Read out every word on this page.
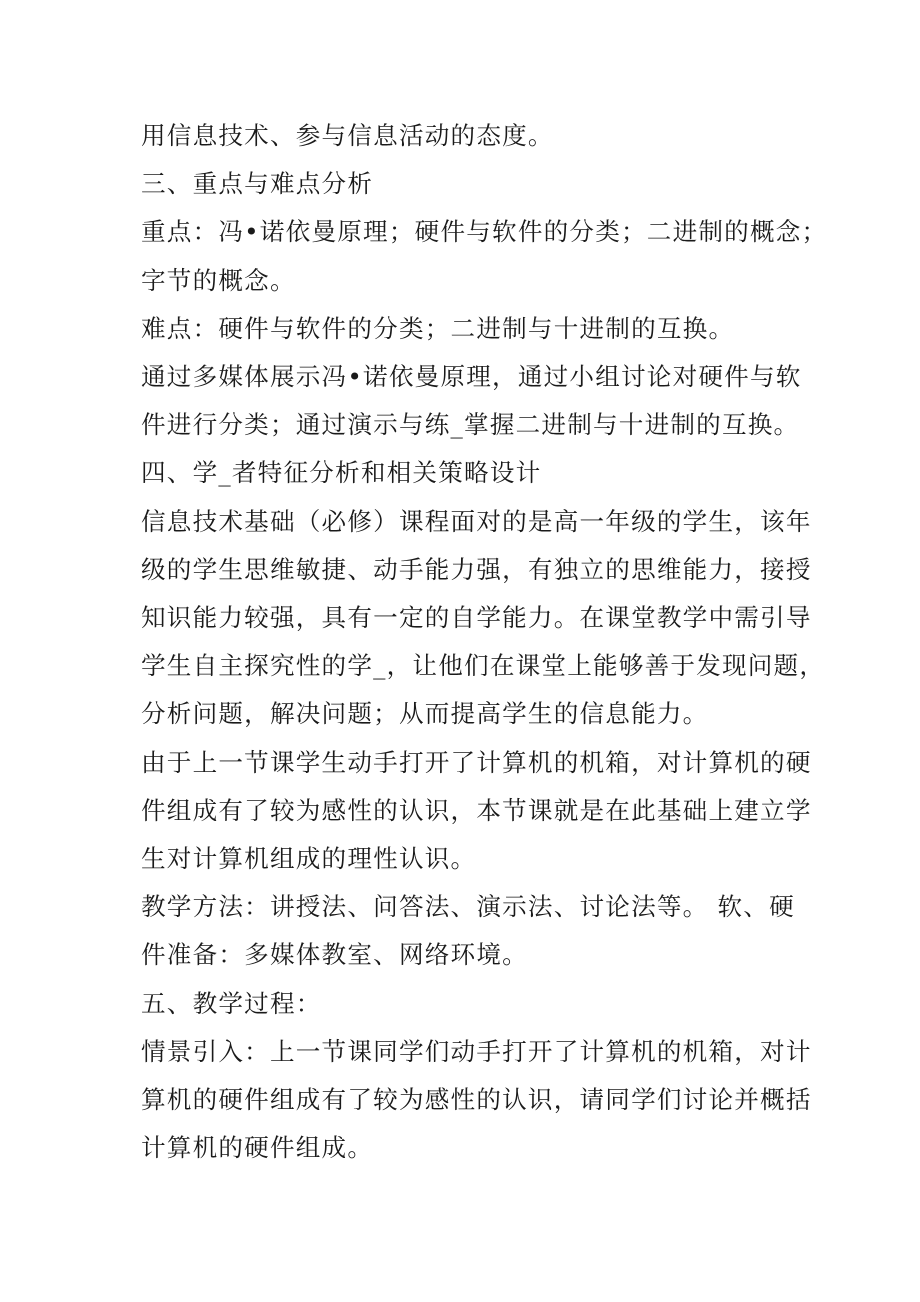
用信息技术、参与信息活动的态度。

三、重点与难点分析

重点：冯•诺依曼原理；硬件与软件的分类；二进制的概念；
字节的概念。

难点：硬件与软件的分类；二进制与十进制的互换。

通过多媒体展示冯•诺依曼原理，通过小组讨论对硬件与软
件进行分类；通过演示与练_掌握二进制与十进制的互换。

四、学_者特征分析和相关策略设计

信息技术基础（必修）课程面对的是高一年级的学生，该年
级的学生思维敏捷、动手能力强，有独立的思维能力，接授
知识能力较强，具有一定的自学能力。在课堂教学中需引导
学生自主探究性的学_，让他们在课堂上能够善于发现问题，
分析问题，解决问题；从而提高学生的信息能力。

由于上一节课学生动手打开了计算机的机箱，对计算机的硬
件组成有了较为感性的认识，本节课就是在此基础上建立学
生对计算机组成的理性认识。

教学方法：讲授法、问答法、演示法、讨论法等。 软、硬
件准备：多媒体教室、网络环境。

五、教学过程：

情景引入：上一节课同学们动手打开了计算机的机箱，对计
算机的硬件组成有了较为感性的认识，请同学们讨论并概括
计算机的硬件组成。
